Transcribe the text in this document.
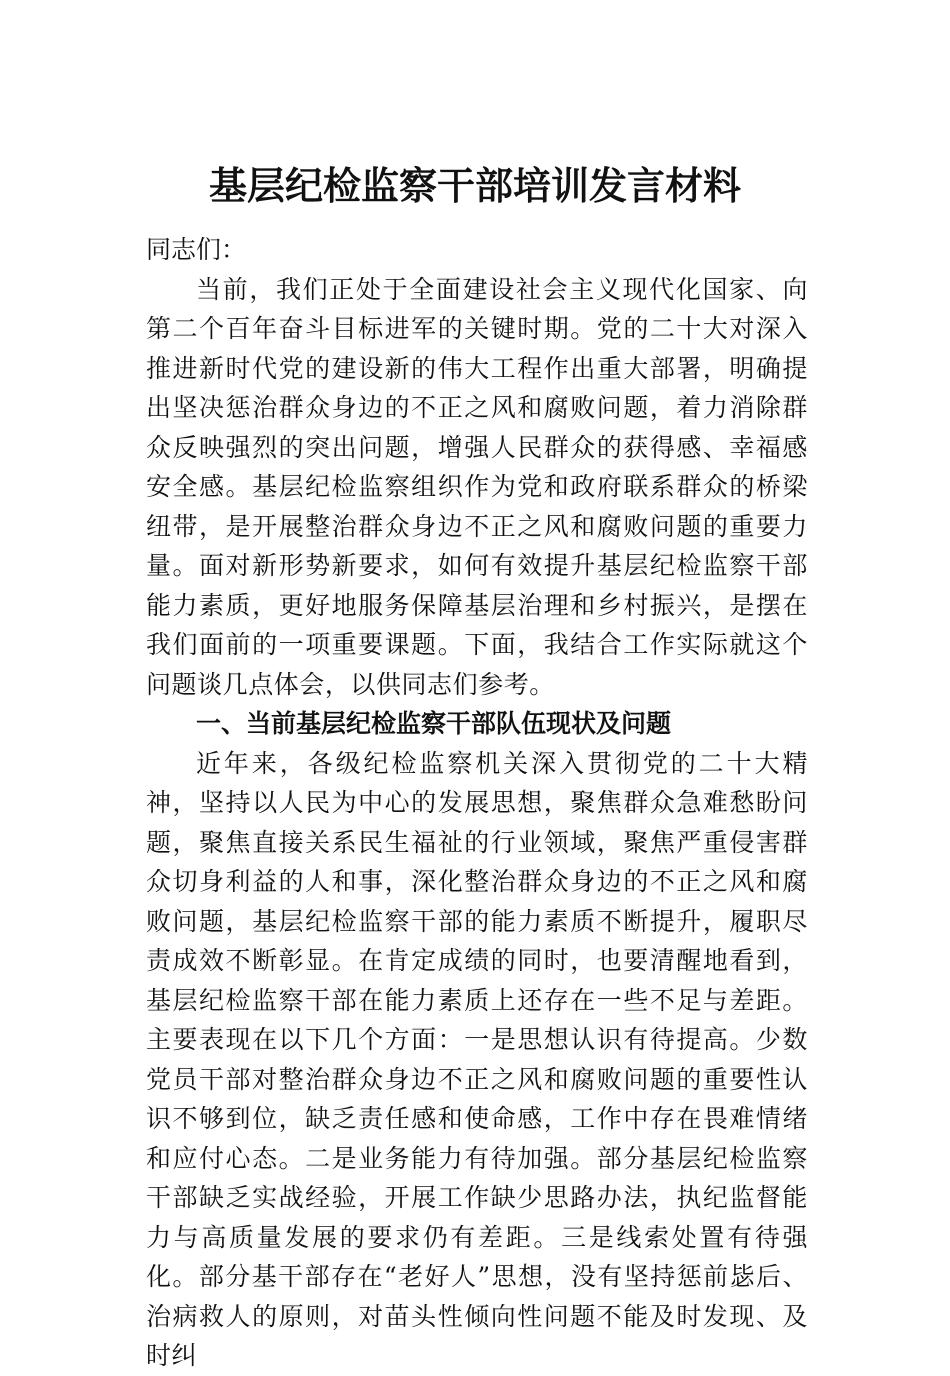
基层纪检监察干部培训发言材料

同志们：

当前，我们正处于全面建设社会主义现代化国家、向第二个百年奋斗目标进军的关键时期。党的二十大对深入推进新时代党的建设新的伟大工程作出重大部署，明确提出坚决惩治群众身边的不正之风和腐败问题，着力消除群众反映强烈的突出问题，增强人民群众的获得感、幸福感安全感。基层纪检监察组织作为党和政府联系群众的桥梁纽带，是开展整治群众身边不正之风和腐败问题的重要力量。面对新形势新要求，如何有效提升基层纪检监察干部能力素质，更好地服务保障基层治理和乡村振兴，是摆在我们面前的一项重要课题。下面，我结合工作实际就这个问题谈几点体会，以供同志们参考。

一、当前基层纪检监察干部队伍现状及问题

近年来，各级纪检监察机关深入贯彻党的二十大精神，坚持以人民为中心的发展思想，聚焦群众急难愁盼问题，聚焦直接关系民生福祉的行业领域，聚焦严重侵害群众切身利益的人和事，深化整治群众身边的不正之风和腐败问题，基层纪检监察干部的能力素质不断提升，履职尽责成效不断彰显。在肯定成绩的同时，也要清醒地看到，基层纪检监察干部在能力素质上还存在一些不足与差距。主要表现在以下几个方面：一是思想认识有待提高。少数党员干部对整治群众身边不正之风和腐败问题的重要性认识不够到位，缺乏责任感和使命感，工作中存在畏难情绪和应付心态。二是业务能力有待加强。部分基层纪检监察干部缺乏实战经验，开展工作缺少思路办法，执纪监督能力与高质量发展的要求仍有差距。三是线索处置有待强化。部分基干部存在“老好人”思想，没有坚持惩前毖后、治病救人的原则，对苗头性倾向性问题不能及时发现、及时纠
